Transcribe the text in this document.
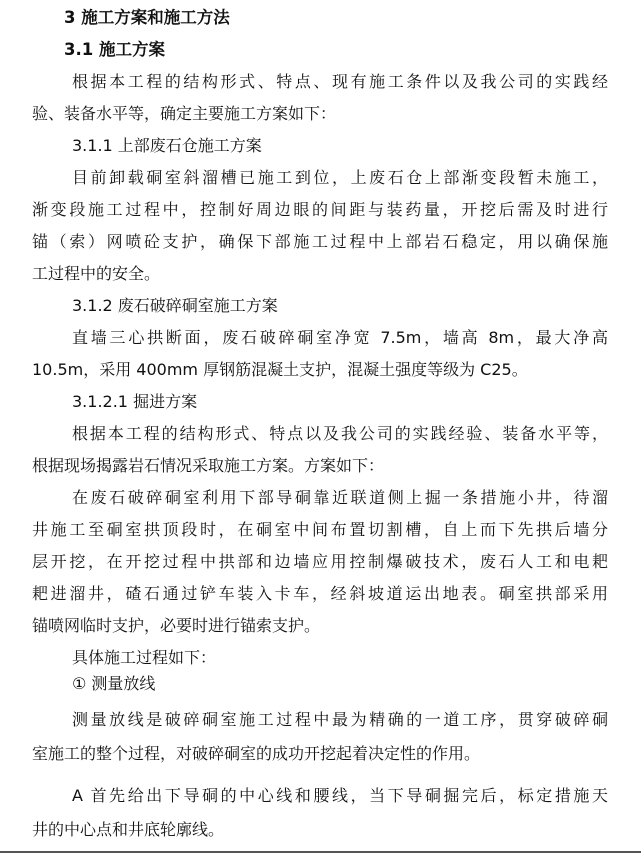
3 施工方案和施工方法
3.1 施工方案
根据本工程的结构形式、特点、现有施工条件以及我公司的实践经
验、装备水平等，确定主要施工方案如下：
3.1.1 上部废石仓施工方案
目前卸载硐室斜溜槽已施工到位，上废石仓上部渐变段暂未施工，
渐变段施工过程中，控制好周边眼的间距与装药量，开挖后需及时进行
锚（索）网喷砼支护，确保下部施工过程中上部岩石稳定，用以确保施
工过程中的安全。
3.1.2 废石破碎硐室施工方案
直墙三心拱断面，废石破碎硐室净宽 7.5m，墙高 8m，最大净高
10.5m，采用 400mm 厚钢筋混凝土支护，混凝土强度等级为 C25。
3.1.2.1 掘进方案
根据本工程的结构形式、特点以及我公司的实践经验、装备水平等，
根据现场揭露岩石情况采取施工方案。方案如下：
在废石破碎硐室利用下部导硐靠近联道侧上掘一条措施小井，待溜
井施工至硐室拱顶段时，在硐室中间布置切割槽，自上而下先拱后墙分
层开挖，在开挖过程中拱部和边墙应用控制爆破技术，废石人工和电耙
耙进溜井，碴石通过铲车装入卡车，经斜坡道运出地表。硐室拱部采用
锚喷网临时支护，必要时进行锚索支护。
具体施工过程如下：
① 测量放线
测量放线是破碎硐室施工过程中最为精确的一道工序，贯穿破碎硐
室施工的整个过程，对破碎硐室的成功开挖起着决定性的作用。
A 首先给出下导硐的中心线和腰线，当下导硐掘完后，标定措施天
井的中心点和井底轮廓线。
